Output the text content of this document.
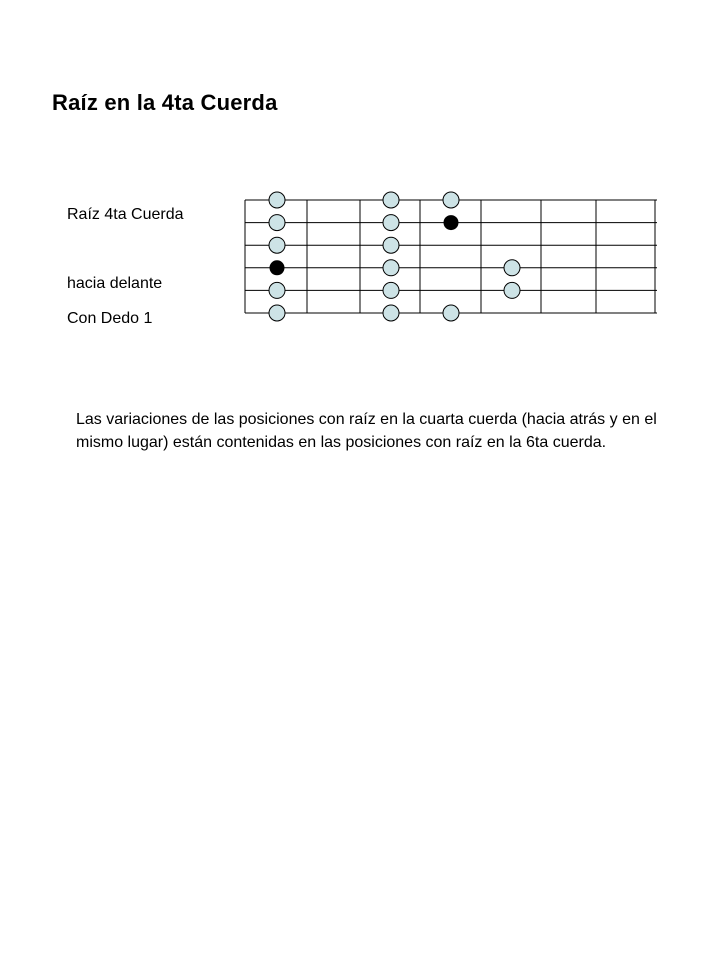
Raíz en la 4ta Cuerda
Raíz 4ta Cuerda
hacia delante
Con Dedo 1
Las variaciones de las posiciones con raíz en la cuarta cuerda (hacia atrás y en el mismo lugar) están contenidas en las posiciones con raíz en la 6ta cuerda.
